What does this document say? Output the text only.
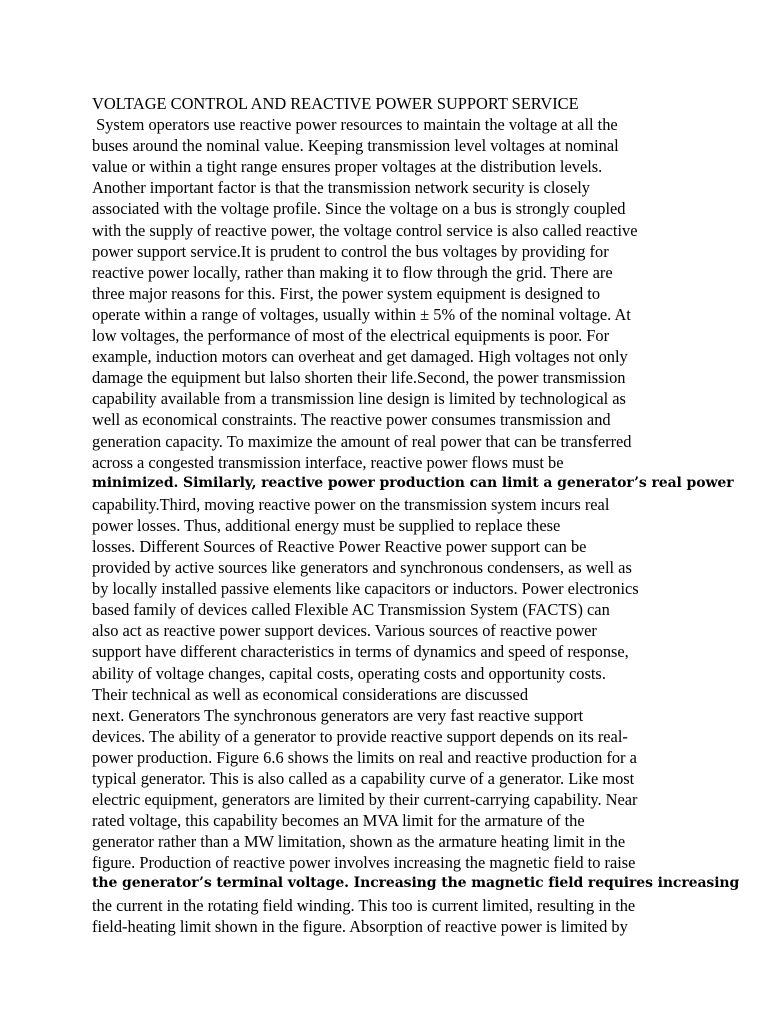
VOLTAGE CONTROL AND REACTIVE POWER SUPPORT SERVICE
System operators use reactive power resources to maintain the voltage at all the
buses around the nominal value. Keeping transmission level voltages at nominal
value or within a tight range ensures proper voltages at the distribution levels.
Another important factor is that the transmission network security is closely
associated with the voltage profile. Since the voltage on a bus is strongly coupled
with the supply of reactive power, the voltage control service is also called reactive
power support service.It is prudent to control the bus voltages by providing for
reactive power locally, rather than making it to flow through the grid. There are
three major reasons for this. First, the power system equipment is designed to
operate within a range of voltages, usually within ± 5% of the nominal voltage. At
low voltages, the performance of most of the electrical equipments is poor. For
example, induction motors can overheat and get damaged. High voltages not only
damage the equipment but lalso shorten their life.Second, the power transmission
capability available from a transmission line design is limited by technological as
well as economical constraints. The reactive power consumes transmission and
generation capacity. To maximize the amount of real power that can be transferred
across a congested transmission interface, reactive power flows must be
minimized. Similarly, reactive power production can limit a generator’s real power
capability.Third, moving reactive power on the transmission system incurs real
power losses. Thus, additional energy must be supplied to replace these
losses. Different Sources of Reactive Power Reactive power support can be
provided by active sources like generators and synchronous condensers, as well as
by locally installed passive elements like capacitors or inductors. Power electronics
based family of devices called Flexible AC Transmission System (FACTS) can
also act as reactive power support devices. Various sources of reactive power
support have different characteristics in terms of dynamics and speed of response,
ability of voltage changes, capital costs, operating costs and opportunity costs.
Their technical as well as economical considerations are discussed
next. Generators The synchronous generators are very fast reactive support
devices. The ability of a generator to provide reactive support depends on its real-
power production. Figure 6.6 shows the limits on real and reactive production for a
typical generator. This is also called as a capability curve of a generator. Like most
electric equipment, generators are limited by their current-carrying capability. Near
rated voltage, this capability becomes an MVA limit for the armature of the
generator rather than a MW limitation, shown as the armature heating limit in the
figure. Production of reactive power involves increasing the magnetic field to raise
the generator’s terminal voltage. Increasing the magnetic field requires increasing
the current in the rotating field winding. This too is current limited, resulting in the
field-heating limit shown in the figure. Absorption of reactive power is limited by
